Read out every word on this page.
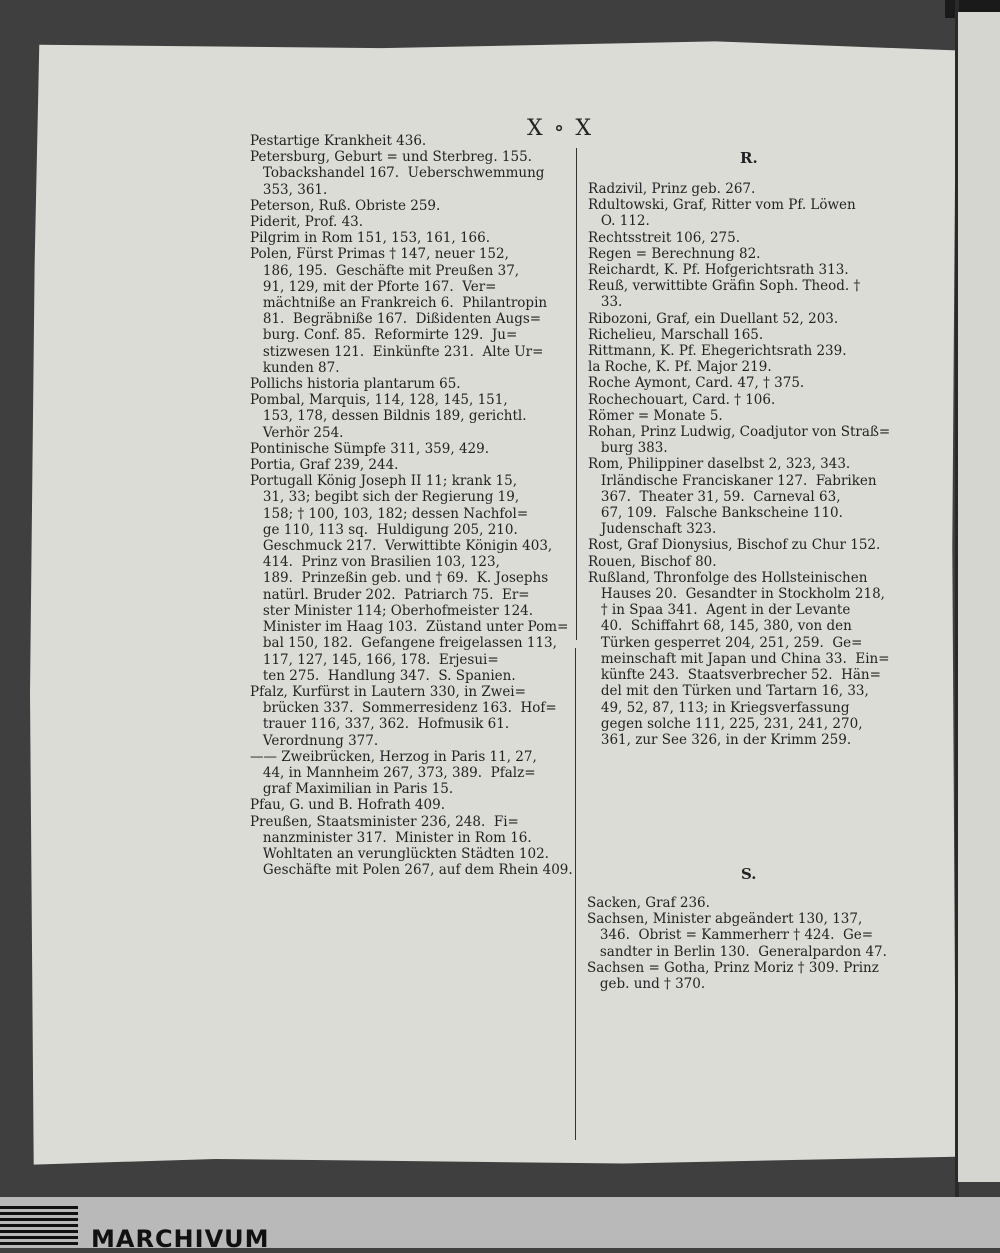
X ∘ X
R.
S.
Pestartige Krankheit 436.
Petersburg, Geburt = und Sterbreg. 155.
Tobackshandel 167.  Ueberschwemmung
353, 361.
Peterson, Ruß. Obriste 259.
Piderit, Prof. 43.
Pilgrim in Rom 151, 153, 161, 166.
Polen, Fürst Primas † 147, neuer 152,
186, 195.  Geschäfte mit Preußen 37,
91, 129, mit der Pforte 167.  Ver=
mächtniße an Frankreich 6.  Philantropin
81.  Begräbniße 167.  Dißidenten Augs=
burg. Conf. 85.  Reformirte 129.  Ju=
stizwesen 121.  Einkünfte 231.  Alte Ur=
kunden 87.
Pollichs historia plantarum 65.
Pombal, Marquis, 114, 128, 145, 151,
153, 178, dessen Bildnis 189, gerichtl.
Verhör 254.
Pontinische Sümpfe 311, 359, 429.
Portia, Graf 239, 244.
Portugall König Joseph II 11; krank 15,
31, 33; begibt sich der Regierung 19,
158; † 100, 103, 182; dessen Nachfol=
ge 110, 113 sq.  Huldigung 205, 210.
Geschmuck 217.  Verwittibte Königin 403,
414.  Prinz von Brasilien 103, 123,
189.  Prinzeßin geb. und † 69.  K. Josephs
natürl. Bruder 202.  Patriarch 75.  Er=
ster Minister 114; Oberhofmeister 124.
Minister im Haag 103.  Züstand unter Pom=
bal 150, 182.  Gefangene freigelassen 113,
117, 127, 145, 166, 178.  Erjesui=
ten 275.  Handlung 347.  S. Spanien.
Pfalz, Kurfürst in Lautern 330, in Zwei=
brücken 337.  Sommerresidenz 163.  Hof=
trauer 116, 337, 362.  Hofmusik 61.
Verordnung 377.
—— Zweibrücken, Herzog in Paris 11, 27,
44, in Mannheim 267, 373, 389.  Pfalz=
graf Maximilian in Paris 15.
Pfau, G. und B. Hofrath 409.
Preußen, Staatsminister 236, 248.  Fi=
nanzminister 317.  Minister in Rom 16.
Wohltaten an verunglückten Städten 102.
Geschäfte mit Polen 267, auf dem Rhein 409.
Radzivil, Prinz geb. 267.
Rdultowski, Graf, Ritter vom Pf. Löwen
O. 112.
Rechtsstreit 106, 275.
Regen = Berechnung 82.
Reichardt, K. Pf. Hofgerichtsrath 313.
Reuß, verwittibte Gräfin Soph. Theod. †
33.
Ribozoni, Graf, ein Duellant 52, 203.
Richelieu, Marschall 165.
Rittmann, K. Pf. Ehegerichtsrath 239.
la Roche, K. Pf. Major 219.
Roche Aymont, Card. 47, † 375.
Rochechouart, Card. † 106.
Römer = Monate 5.
Rohan, Prinz Ludwig, Coadjutor von Straß=
burg 383.
Rom, Philippiner daselbst 2, 323, 343.
Irländische Franciskaner 127.  Fabriken
367.  Theater 31, 59.  Carneval 63,
67, 109.  Falsche Bankscheine 110.
Judenschaft 323.
Rost, Graf Dionysius, Bischof zu Chur 152.
Rouen, Bischof 80.
Rußland, Thronfolge des Hollsteinischen
Hauses 20.  Gesandter in Stockholm 218,
† in Spaa 341.  Agent in der Levante
40.  Schiffahrt 68, 145, 380, von den
Türken gesperret 204, 251, 259.  Ge=
meinschaft mit Japan und China 33.  Ein=
künfte 243.  Staatsverbrecher 52.  Hän=
del mit den Türken und Tartarn 16, 33,
49, 52, 87, 113; in Kriegsverfassung
gegen solche 111, 225, 231, 241, 270,
361, zur See 326, in der Krimm 259.
Sacken, Graf 236.
Sachsen, Minister abgeändert 130, 137,
346.  Obrist = Kammerherr † 424.  Ge=
sandter in Berlin 130.  Generalpardon 47.
Sachsen = Gotha, Prinz Moriz † 309. Prinz
geb. und † 370.
MARCHIVUM
